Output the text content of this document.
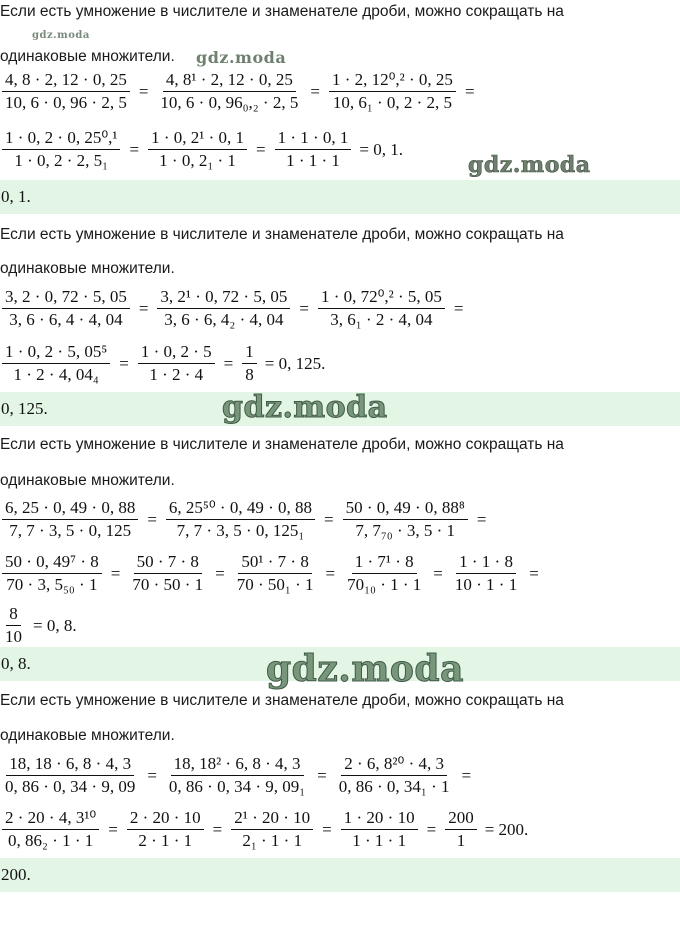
Если есть умножение в числителе и знаменателе дроби, можно сокращать на
gdz.moda
одинаковые множители. gdz.moda
$\frac{4, 8 \cdot 2, 12 \cdot 0, 25}{10, 6 \cdot 0, 96 \cdot 2, 5} = \frac{\text{4, 8¹ · 2, 12 · 0, 25}}{\text{10, 6 · 0, 96₀,₂ · 2, 5}} = \frac{\text{1 · 2, 12⁰,² · 0, 25}}{\text{10, 6₁ · 0, 2 · 2, 5}}$ =
$\frac{\text{1 · 0, 2 · 0, 25⁰,¹}}{\text{1 · 0, 2 · 2, 5₁}} = \frac{\text{1 · 0, 2¹ · 0, 1}}{\text{1 · 0, 2₁ · 1}} = \frac{1 \cdot 1 \cdot 0, 1}{1 \cdot 1 \cdot 1} = 0$, 1.
gdz.moda
0, 1.
Если есть умножение в числителе и знаменателе дроби, можно сокращать на
одинаковые множители.
$\frac{3, 2 \cdot 0, 72 \cdot 5, 05}{3, 6 \cdot 6, 4 \cdot 4, 04} = \frac{\text{3, 2¹ · 0, 72 · 5, 05}}{\text{3, 6 · 6, 4₂ · 4, 04}} = \frac{\text{1 · 0, 72⁰,² · 5, 05}}{\text{3, 6₁ · 2 · 4, 04}}$ =
$\frac{\text{1 · 0, 2 · 5, 05⁵}}{\text{1 · 2 · 4, 04₄}} = \frac{1 \cdot 0, 2 \cdot 5}{1 \cdot 2 \cdot 4} = \frac{1}{8} = 0$, 125.
0, 125.	gdz.moda
Если есть умножение в числителе и знаменателе дроби, можно сокращать на
одинаковые множители.
$\frac{6, 25 \cdot 0, 49 \cdot 0, 88}{7, 7 \cdot 3, 5 \cdot 0, 125} = \frac{\text{6, 25⁵⁰ · 0, 49 · 0, 88}}{\text{7, 7 · 3, 5 · 0, 125₁}} = \frac{\text{50 · 0, 49 · 0, 88⁸}}{\text{7, 7₇₀ · 3, 5 · 1}}$ =
$\frac{\text{50 · 0, 49⁷ · 8}}{\text{70 · 3, 5₅₀ · 1}} = \frac{50 \cdot 7 \cdot 8}{70 \cdot 50 \cdot 1} = \frac{\text{50¹ · 7 · 8}}{\text{70 · 50₁ · 1}} = \frac{\text{1 · 7¹ · 8}}{\text{70₁₀ · 1 · 1}} = \frac{1 \cdot 1 \cdot 8}{10 \cdot 1 \cdot 1}$ =
$\frac{8}{10} = 0$, 8.
0, 8.	gdz.moda
Если есть умножение в числителе и знаменателе дроби, можно сокращать на
одинаковые множители.
$\frac{18, 18 \cdot 6, 8 \cdot 4, 3}{0, 86 \cdot 0, 34 \cdot 9, 09} = \frac{\text{18, 18² · 6, 8 · 4, 3}}{\text{0, 86 · 0, 34 · 9, 09₁}} = \frac{\text{2 · 6, 8²⁰ · 4, 3}}{\text{0, 86 · 0, 34₁ · 1}}$ =
$\frac{\text{2 · 20 · 4, 3¹⁰}}{\text{0, 86₂ · 1 · 1}} = \frac{2 \cdot 20 \cdot 10}{2 \cdot 1 \cdot 1} = \frac{\text{2¹ · 20 · 10}}{\text{2₁ · 1 · 1}} = \frac{1 \cdot 20 \cdot 10}{1 \cdot 1 \cdot 1} = \frac{200}{1} = 200$.
200.
